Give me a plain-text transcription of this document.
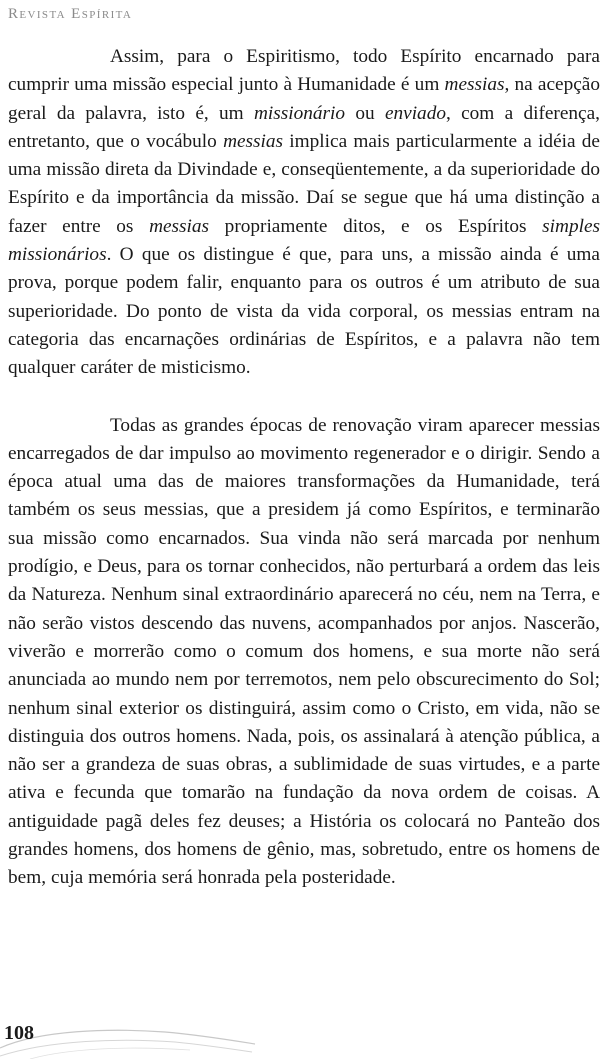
Revista Espírita

Assim, para o Espiritismo, todo Espírito encarnado para cumprir uma missão especial junto à Humanidade é um messias, na acepção geral da palavra, isto é, um missionário ou enviado, com a diferença, entretanto, que o vocábulo messias implica mais particularmente a idéia de uma missão direta da Divindade e, conseqüentemente, a da superioridade do Espírito e da importância da missão. Daí se segue que há uma distinção a fazer entre os messias propriamente ditos, e os Espíritos simples missionários. O que os distingue é que, para uns, a missão ainda é uma prova, porque podem falir, enquanto para os outros é um atributo de sua superioridade. Do ponto de vista da vida corporal, os messias entram na categoria das encarnações ordinárias de Espíritos, e a palavra não tem qualquer caráter de misticismo.

Todas as grandes épocas de renovação viram aparecer messias encarregados de dar impulso ao movimento regenerador e o dirigir. Sendo a época atual uma das de maiores transformações da Humanidade, terá também os seus messias, que a presidem já como Espíritos, e terminarão sua missão como encarnados. Sua vinda não será marcada por nenhum prodígio, e Deus, para os tornar conhecidos, não perturbará a ordem das leis da Natureza. Nenhum sinal extraordinário aparecerá no céu, nem na Terra, e não serão vistos descendo das nuvens, acompanhados por anjos. Nascerão, viverão e morrerão como o comum dos homens, e sua morte não será anunciada ao mundo nem por terremotos, nem pelo obscurecimento do Sol; nenhum sinal exterior os distinguirá, assim como o Cristo, em vida, não se distinguia dos outros homens. Nada, pois, os assinalará à atenção pública, a não ser a grandeza de suas obras, a sublimidade de suas virtudes, e a parte ativa e fecunda que tomarão na fundação da nova ordem de coisas. A antiguidade pagã deles fez deuses; a História os colocará no Panteão dos grandes homens, dos homens de gênio, mas, sobretudo, entre os homens de bem, cuja memória será honrada pela posteridade.

108
